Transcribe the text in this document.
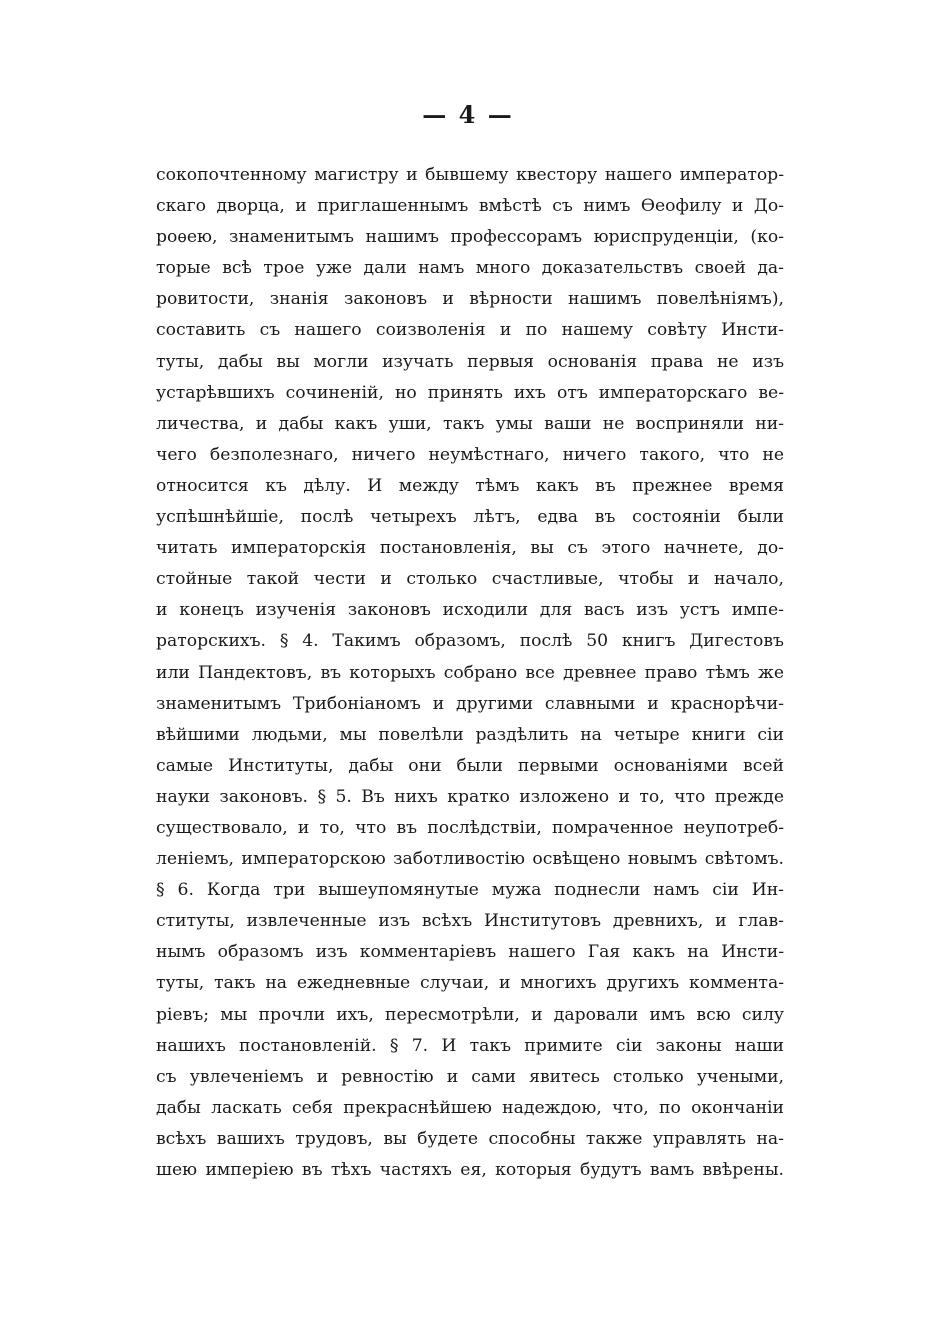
— 4 —
сокопочтенному магистру и бывшему квестору нашего император-
скаго дворца, и приглашеннымъ вмѣстѣ съ нимъ Ѳеофилу и До-
роѳею, знаменитымъ нашимъ профессорамъ юриспруденціи, (ко-
торые всѣ трое уже дали намъ много доказательствъ своей да-
ровитости, знанія законовъ и вѣрности нашимъ повелѣніямъ),
составить съ нашего соизволенія и по нашему совѣту Инсти-
туты, дабы вы могли изучать первыя основанія права не изъ
устарѣвшихъ сочиненій, но принять ихъ отъ императорскаго ве-
личества, и дабы какъ уши, такъ умы ваши не восприняли ни-
чего безполезнаго, ничего неумѣстнаго, ничего такого, что не
относится къ дѣлу. И между тѣмъ какъ въ прежнее время
успѣшнѣйшіе, послѣ четырехъ лѣтъ, едва въ состояніи были
читать императорскія постановленія, вы съ этого начнете, до-
стойные такой чести и столько счастливые, чтобы и начало,
и конецъ изученія законовъ исходили для васъ изъ устъ импе-
раторскихъ. § 4. Такимъ образомъ, послѣ 50 книгъ Дигестовъ
или Пандектовъ, въ которыхъ собрано все древнее право тѣмъ же
знаменитымъ Трибоніаномъ и другими славными и краснорѣчи-
вѣйшими людьми, мы повелѣли раздѣлить на четыре книги сіи
самые Институты, дабы они были первыми основаніями всей
науки законовъ. § 5. Въ нихъ кратко изложено и то, что прежде
существовало, и то, что въ послѣдствіи, помраченное неупотреб-
леніемъ, императорскою заботливостію освѣщено новымъ свѣтомъ.
§ 6. Когда три вышеупомянутые мужа поднесли намъ сіи Ин-
ституты, извлеченные изъ всѣхъ Институтовъ древнихъ, и глав-
нымъ образомъ изъ комментаріевъ нашего Гая какъ на Инсти-
туты, такъ на ежедневные случаи, и многихъ другихъ коммента-
ріевъ; мы прочли ихъ, пересмотрѣли, и даровали имъ всю силу
нашихъ постановленій. § 7. И такъ примите сіи законы наши
съ увлеченіемъ и ревностію и сами явитесь столько учеными,
дабы ласкать себя прекраснѣйшею надеждою, что, по окончаніи
всѣхъ вашихъ трудовъ, вы будете способны также управлять на-
шею имперіею въ тѣхъ частяхъ ея, которыя будутъ вамъ ввѣрены.
